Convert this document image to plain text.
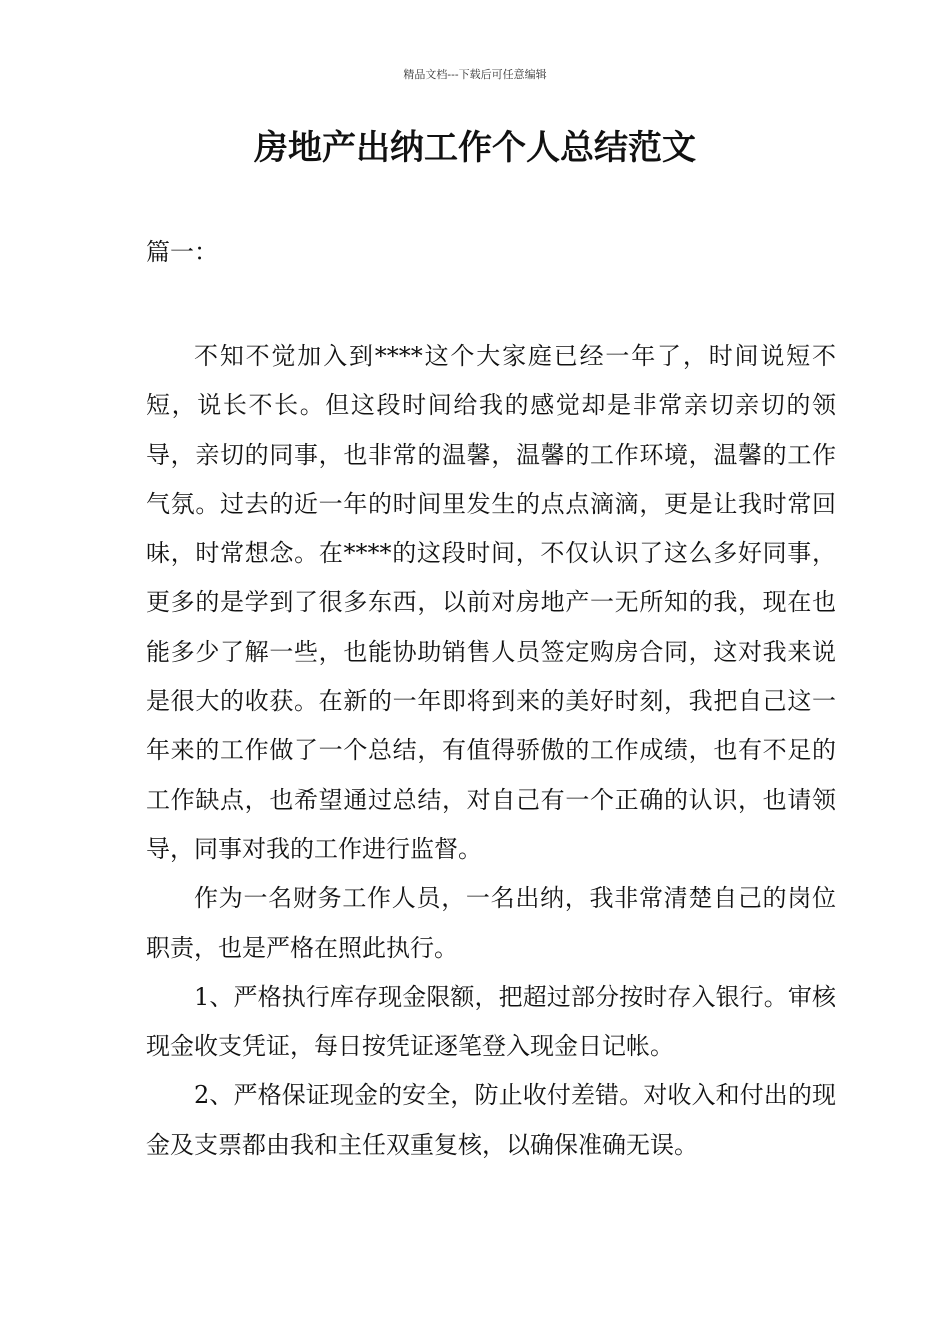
精品文档---下载后可任意编辑
房地产出纳工作个人总结范文
篇一：

不知不觉加入到****这个大家庭已经一年了，时间说短不短，说长不长。但这段时间给我的感觉却是非常亲切亲切的领导，亲切的同事，也非常的温馨，温馨的工作环境，温馨的工作气氛。过去的近一年的时间里发生的点点滴滴，更是让我时常回味，时常想念。在****的这段时间，不仅认识了这么多好同事，更多的是学到了很多东西，以前对房地产一无所知的我，现在也能多少了解一些，也能协助销售人员签定购房合同，这对我来说是很大的收获。在新的一年即将到来的美好时刻，我把自己这一年来的工作做了一个总结，有值得骄傲的工作成绩，也有不足的工作缺点，也希望通过总结，对自己有一个正确的认识，也请领导，同事对我的工作进行监督。

作为一名财务工作人员，一名出纳，我非常清楚自己的岗位职责，也是严格在照此执行。

1、严格执行库存现金限额，把超过部分按时存入银行。审核现金收支凭证，每日按凭证逐笔登入现金日记帐。

2、严格保证现金的安全，防止收付差错。对收入和付出的现金及支票都由我和主任双重复核，以确保准确无误。
